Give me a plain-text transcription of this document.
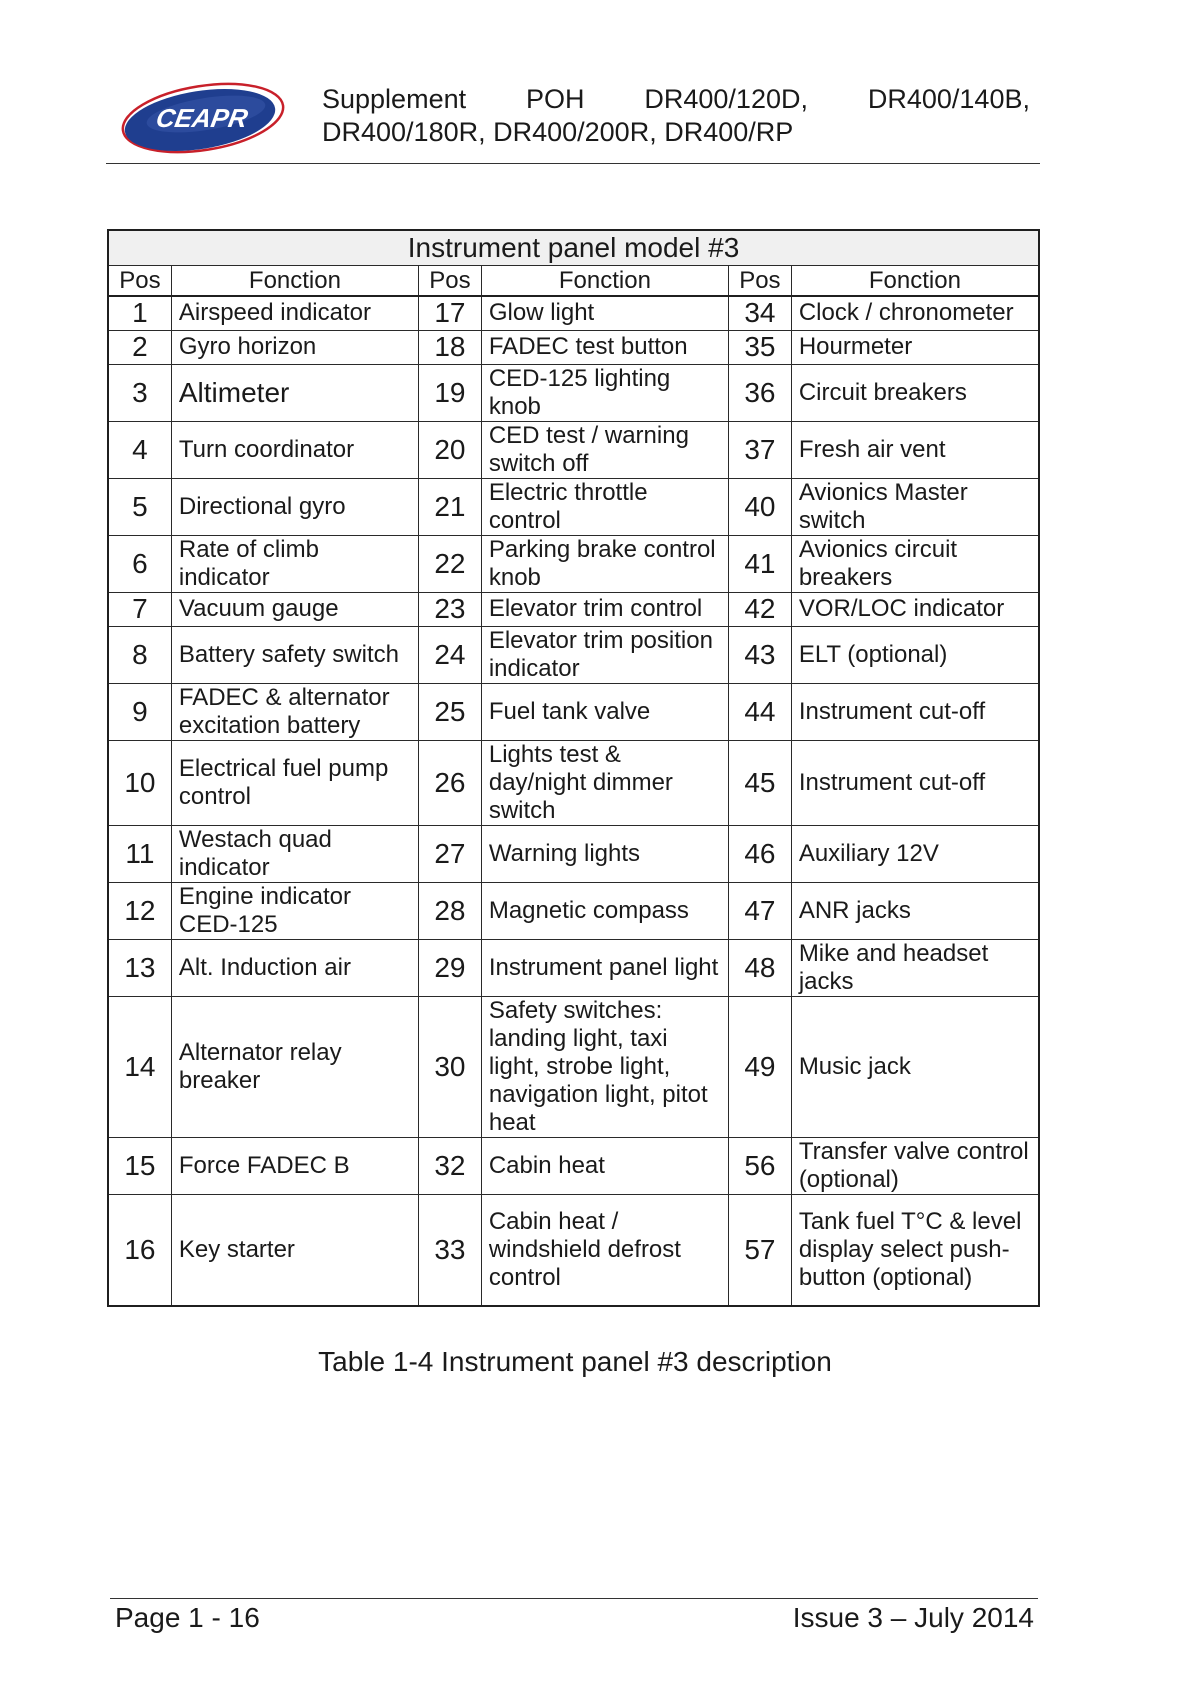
CEAPR
Supplement POH DR400/120D, DR400/140B,
DR400/180R, DR400/200R, DR400/RP
Instrument panel model #3					
Pos	Fonction	Pos	Fonction	Pos	Fonction
1	Airspeed indicator	17	Glow light	34	Clock / chronometer
2	Gyro horizon	18	FADEC test button	35	Hourmeter
3	Altimeter	19	CED-125 lighting knob	36	Circuit breakers
4	Turn coordinator	20	CED test / warning switch off	37	Fresh air vent
5	Directional gyro	21	Electric throttle control	40	Avionics Master switch
6	Rate of climb indicator	22	Parking brake control knob	41	Avionics circuit breakers
7	Vacuum gauge	23	Elevator trim control	42	VOR/LOC indicator
8	Battery safety switch	24	Elevator trim position indicator	43	ELT (optional)
9	FADEC & alternator excitation battery	25	Fuel tank valve	44	Instrument cut-off
10	Electrical fuel pump control	26	Lights test & day/night dimmer switch	45	Instrument cut-off
11	Westach quad indicator	27	Warning lights	46	Auxiliary 12V
12	Engine indicator CED-125	28	Magnetic compass	47	ANR jacks
13	Alt. Induction air	29	Instrument panel light	48	Mike and headset jacks
14	Alternator relay breaker	30	Safety switches: landing light, taxi light, strobe light, navigation light, pitot heat	49	Music jack
15	Force FADEC B	32	Cabin heat	56	Transfer valve control (optional)
16	Key starter	33	Cabin heat / windshield defrost control	57	Tank fuel T°C & level display select push-button (optional)
Table 1-4 Instrument panel #3 description
Page 1 - 16	Issue 3 – July 2014
